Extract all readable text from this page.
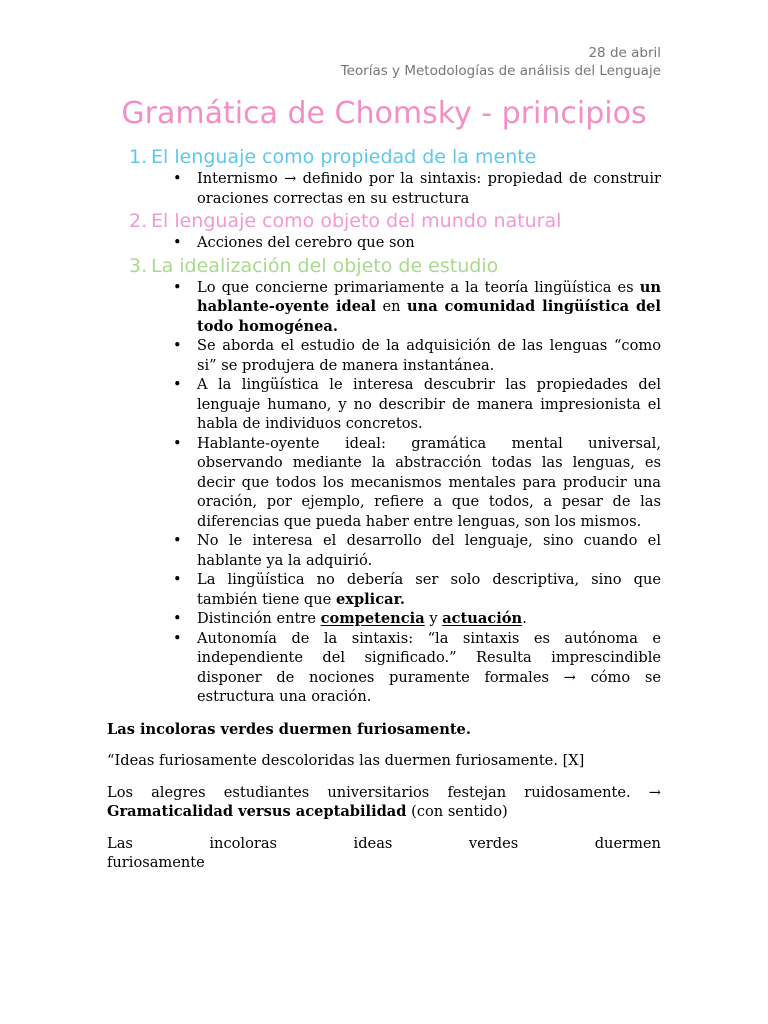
28 de abril
Teorías y Metodologías de análisis del Lenguaje
Gramática de Chomsky - principios
1. El lenguaje como propiedad de la mente
• Internismo → definido por la sintaxis: propiedad de construir oraciones correctas en su estructura
2. El lenguaje como objeto del mundo natural
• Acciones del cerebro que son
3. La idealización del objeto de estudio
• Lo que concierne primariamente a la teoría lingüística es un hablante-oyente ideal en una comunidad lingüística del todo homogénea.
• Se aborda el estudio de la adquisición de las lenguas “como si” se produjera de manera instantánea.
• A la lingüística le interesa descubrir las propiedades del lenguaje humano, y no describir de manera impresionista el habla de individuos concretos.
• Hablante-oyente ideal: gramática mental universal, observando mediante la abstracción todas las lenguas, es decir que todos los mecanismos mentales para producir una oración, por ejemplo, refiere a que todos, a pesar de las diferencias que pueda haber entre lenguas, son los mismos.
• No le interesa el desarrollo del lenguaje, sino cuando el hablante ya la adquirió.
• La lingüística no debería ser solo descriptiva, sino que también tiene que explicar.
• Distinción entre competencia y actuación.
• Autonomía de la sintaxis: “la sintaxis es autónoma e independiente del significado.” Resulta imprescindible disponer de nociones puramente formales → cómo se estructura una oración.

Las incoloras verdes duermen furiosamente.

“Ideas furiosamente descoloridas las duermen furiosamente. [X]

Los alegres estudiantes universitarios festejan ruidosamente. → Gramaticalidad versus aceptabilidad (con sentido)

Las	incoloras	ideas	verdes	duermen
furiosamente
